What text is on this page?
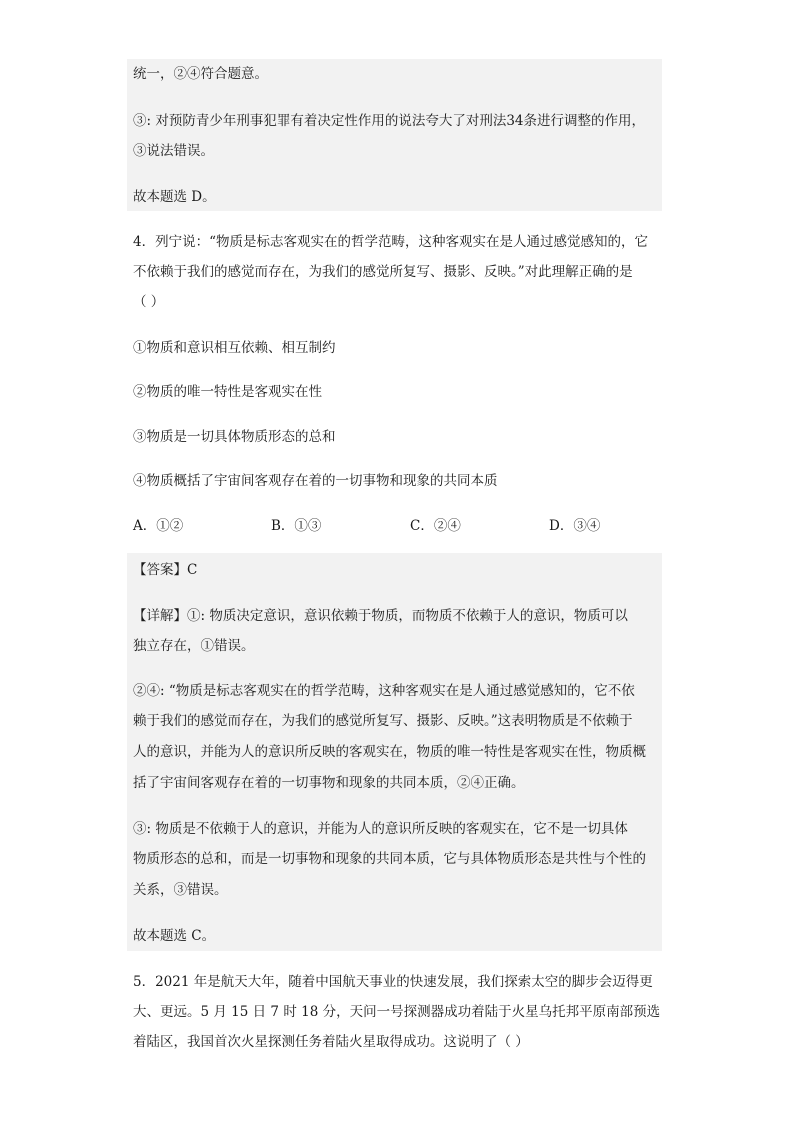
统一，②④符合题意。
③: 对预防青少年刑事犯罪有着决定性作用的说法夸大了对刑法34条进行调整的作用，
③说法错误。
故本题选 D。
4．列宁说：“物质是标志客观实在的哲学范畴，这种客观实在是人通过感觉感知的，它
不依赖于我们的感觉而存在，为我们的感觉所复写、摄影、反映。”对此理解正确的是
（ ）
①物质和意识相互依赖、相互制约
②物质的唯一特性是客观实在性
③物质是一切具体物质形态的总和
④物质概括了宇宙间客观存在着的一切事物和现象的共同本质
A．①②	B．①③	C．②④	D．③④
【答案】C
【详解】①: 物质决定意识，意识依赖于物质，而物质不依赖于人的意识，物质可以
独立存在，①错误。
②④: “物质是标志客观实在的哲学范畴，这种客观实在是人通过感觉感知的，它不依
赖于我们的感觉而存在，为我们的感觉所复写、摄影、反映。”这表明物质是不依赖于
人的意识，并能为人的意识所反映的客观实在，物质的唯一特性是客观实在性，物质概
括了宇宙间客观存在着的一切事物和现象的共同本质，②④正确。
③: 物质是不依赖于人的意识，并能为人的意识所反映的客观实在，它不是一切具体
物质形态的总和，而是一切事物和现象的共同本质，它与具体物质形态是共性与个性的
关系，③错误。
故本题选 C。
5．2021 年是航天大年，随着中国航天事业的快速发展，我们探索太空的脚步会迈得更
大、更远。5 月 15 日 7 时 18 分，天问一号探测器成功着陆于火星乌托邦平原南部预选
着陆区，我国首次火星探测任务着陆火星取得成功。这说明了（ ）
